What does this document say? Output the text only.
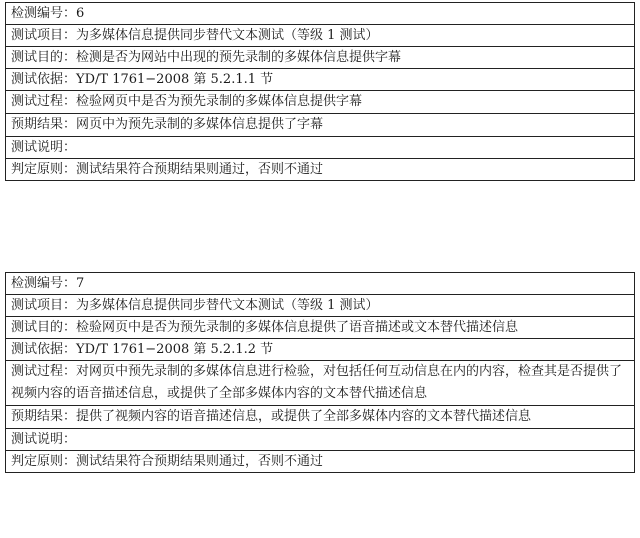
检测编号：6
测试项目：为多媒体信息提供同步替代文本测试（等级 1 测试）
测试目的：检测是否为网站中出现的预先录制的多媒体信息提供字幕
测试依据：YD/T 1761−2008 第 5.2.1.1 节
测试过程：检验网页中是否为预先录制的多媒体信息提供字幕
预期结果：网页中为预先录制的多媒体信息提供了字幕
测试说明：
判定原则：测试结果符合预期结果则通过，否则不通过
检测编号：7
测试项目：为多媒体信息提供同步替代文本测试（等级 1 测试）
测试目的：检验网页中是否为预先录制的多媒体信息提供了语音描述或文本替代描述信息
测试依据：YD/T 1761−2008 第 5.2.1.2 节
测试过程：对网页中预先录制的多媒体信息进行检验，对包括任何互动信息在内的内容，检查其是否提供了视频内容的语音描述信息，或提供了全部多媒体内容的文本替代描述信息
预期结果：提供了视频内容的语音描述信息，或提供了全部多媒体内容的文本替代描述信息
测试说明：
判定原则：测试结果符合预期结果则通过，否则不通过
